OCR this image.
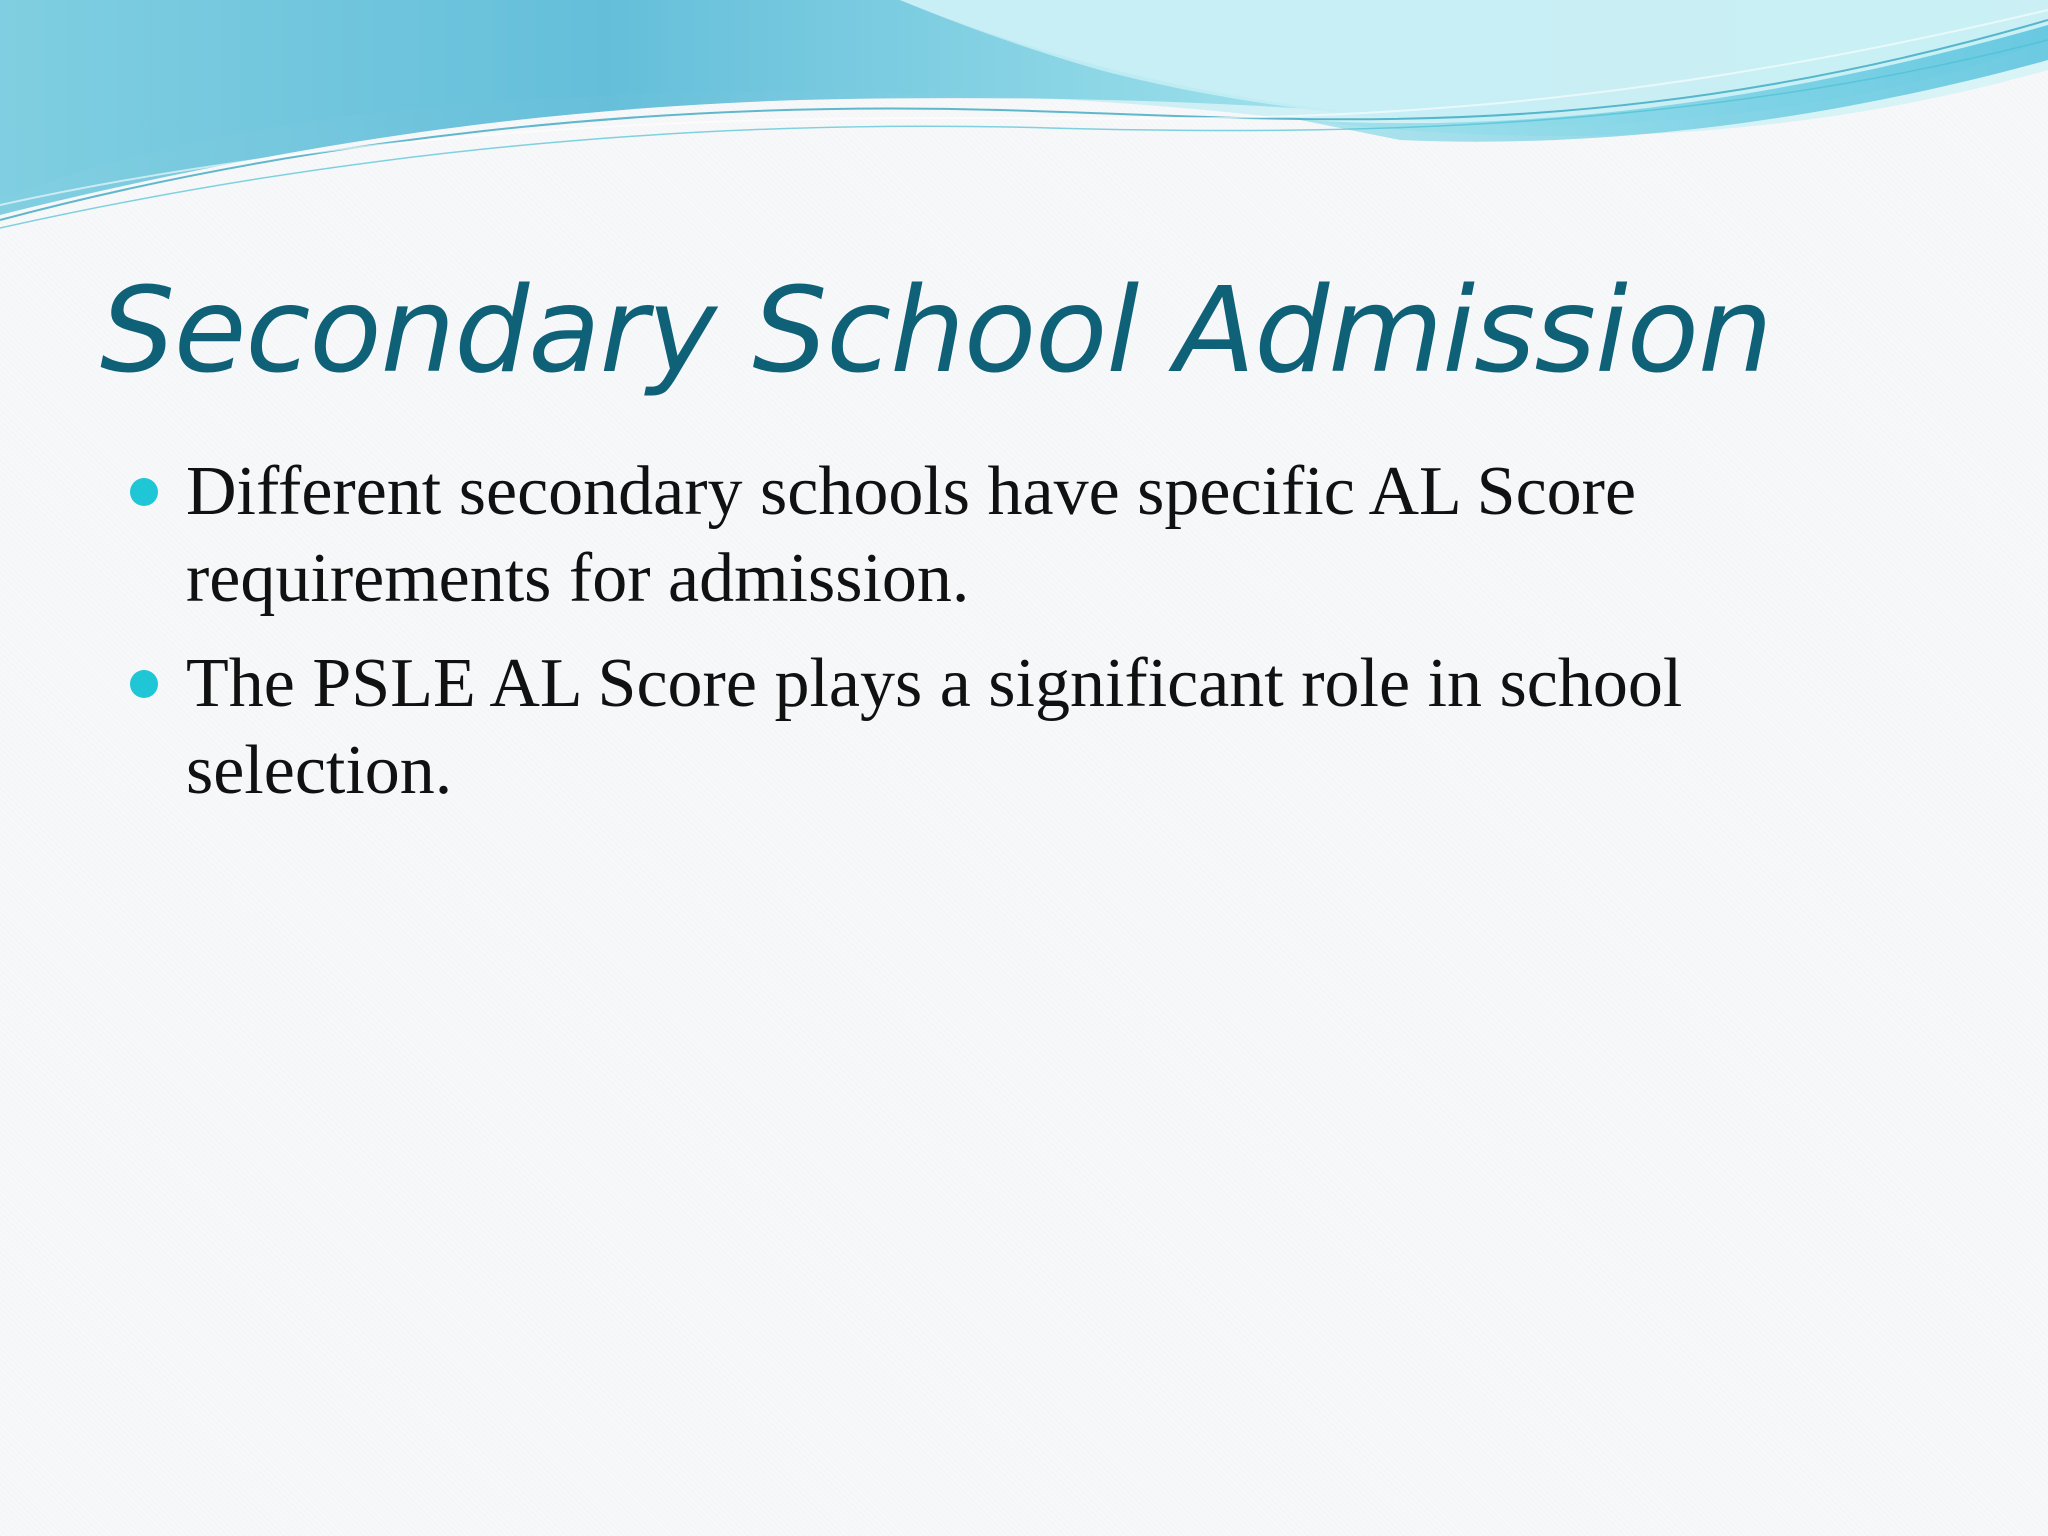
Secondary School Admission
Different secondary schools have specific AL Score requirements for admission.
The PSLE AL Score plays a significant role in school selection.
